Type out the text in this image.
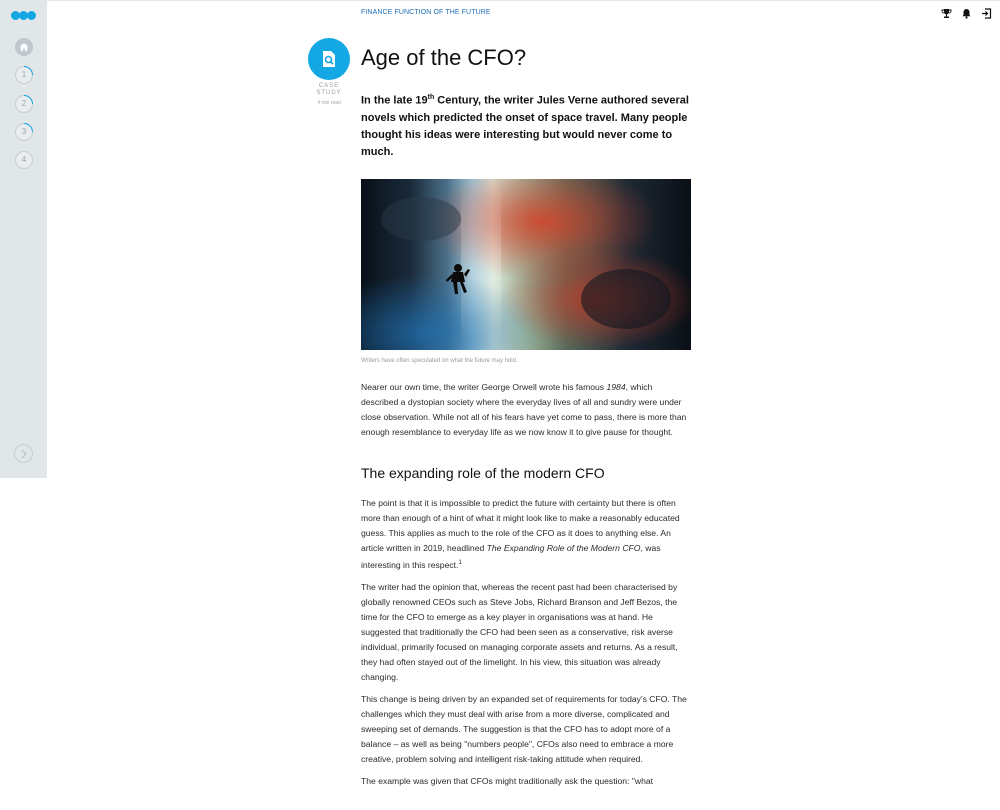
1
2
3
4
FINANCE FUNCTION OF THE FUTURE
CASE STUDY
4 min read
Age of the CFO?

In the late 19th Century, the writer Jules Verne authored several novels which predicted the onset of space travel. Many people thought his ideas were interesting but would never come to much.

Writers have often speculated on what the future may hold.

Nearer our own time, the writer George Orwell wrote his famous 1984, which described a dystopian society where the everyday lives of all and sundry were under close observation. While not all of his fears have yet come to pass, there is more than enough resemblance to everyday life as we now know it to give pause for thought.

The expanding role of the modern CFO

The point is that it is impossible to predict the future with certainty but there is often more than enough of a hint of what it might look like to make a reasonably educated guess. This applies as much to the role of the CFO as it does to anything else. An article written in 2019, headlined The Expanding Role of the Modern CFO, was interesting in this respect.$^1$

The writer had the opinion that, whereas the recent past had been characterised by globally renowned CEOs such as Steve Jobs, Richard Branson and Jeff Bezos, the time for the CFO to emerge as a key player in organisations was at hand. He suggested that traditionally the CFO had been seen as a conservative, risk averse individual, primarily focused on managing corporate assets and returns. As a result, they had often stayed out of the limelight. In his view, this situation was already changing.

This change is being driven by an expanded set of requirements for today's CFO. The challenges which they must deal with arise from a more diverse, complicated and sweeping set of demands. The suggestion is that the CFO has to adopt more of a balance – as well as being "numbers people", CFOs also need to embrace a more creative, problem solving and intelligent risk-taking attitude when required.

The example was given that CFOs might traditionally ask the question: "what
